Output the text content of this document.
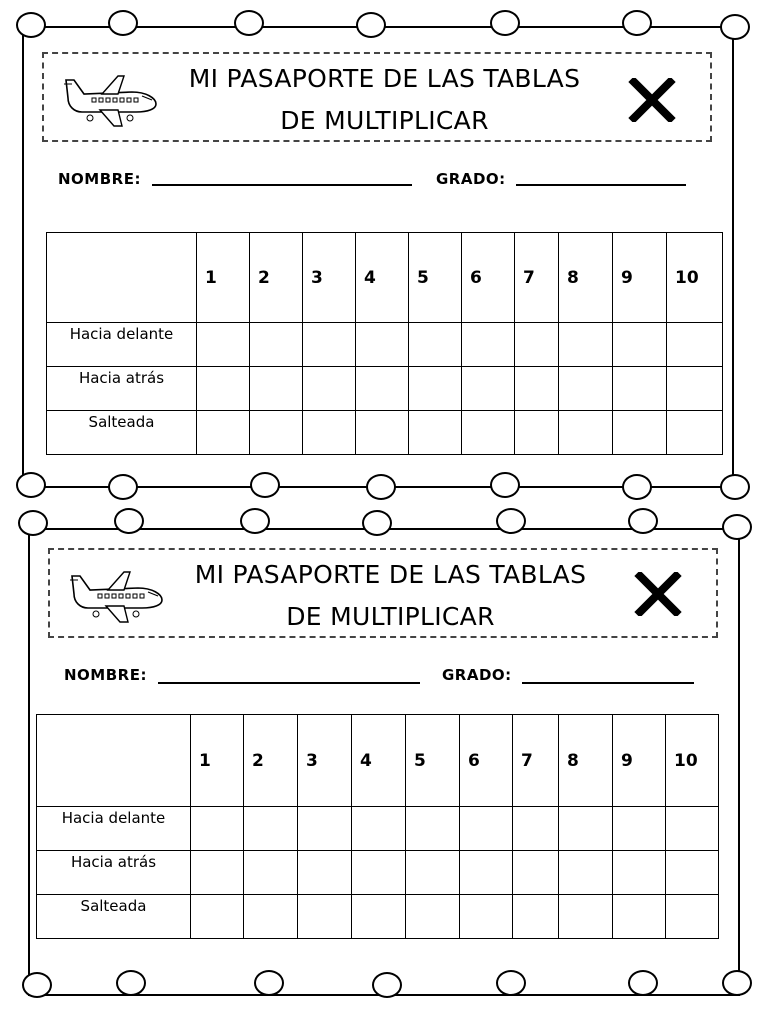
MI PASAPORTE DE LAS TABLAS
DE MULTIPLICAR
NOMBRE:	GRADO:
	1	2	3	4	5	6	7	8	9	10
Hacia delante										
Hacia atrás										
Salteada										
MI PASAPORTE DE LAS TABLAS
DE MULTIPLICAR
NOMBRE:	GRADO:
	1	2	3	4	5	6	7	8	9	10
Hacia delante										
Hacia atrás										
Salteada										
